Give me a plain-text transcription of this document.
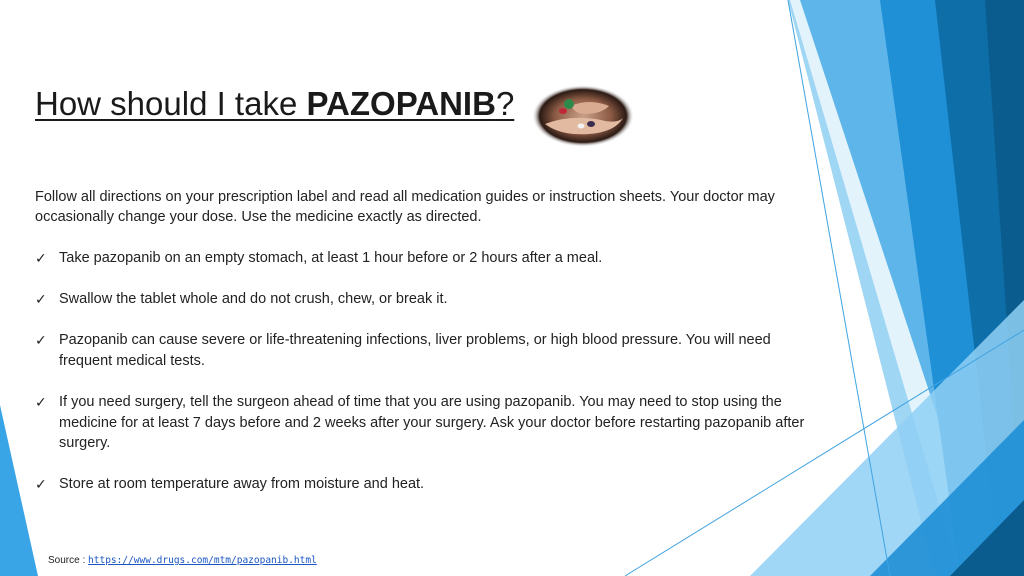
How should I take PAZOPANIB?

Follow all directions on your prescription label and read all medication guides or instruction sheets. Your doctor may occasionally change your dose. Use the medicine exactly as directed.

✓ Take pazopanib on an empty stomach, at least 1 hour before or 2 hours after a meal.
✓ Swallow the tablet whole and do not crush, chew, or break it.
✓ Pazopanib can cause severe or life-threatening infections, liver problems, or high blood pressure. You will need frequent medical tests.
✓ If you need surgery, tell the surgeon ahead of time that you are using pazopanib. You may need to stop using the medicine for at least 7 days before and 2 weeks after your surgery. Ask your doctor before restarting pazopanib after surgery.
✓ Store at room temperature away from moisture and heat.
Source : https://www.drugs.com/mtm/pazopanib.html
